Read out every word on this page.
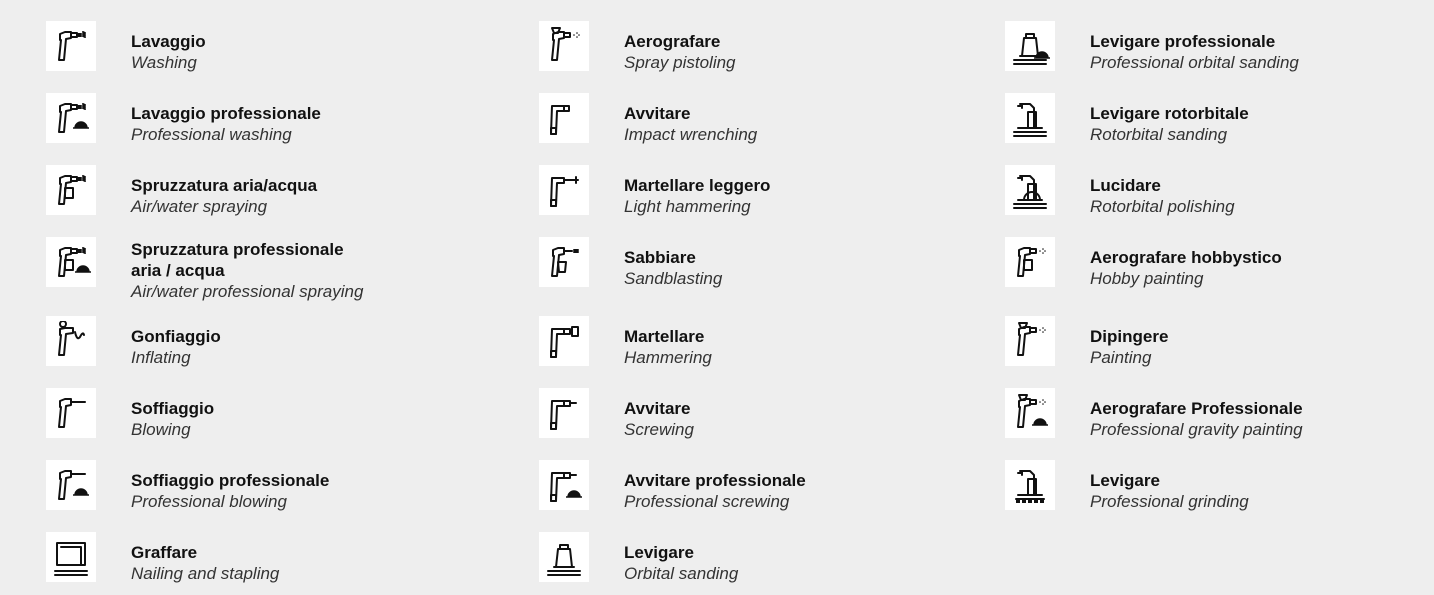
Lavaggio
Washing
Lavaggio professionale
Professional washing
Spruzzatura aria/acqua
Air/water spraying
Spruzzatura professionale
aria / acqua
Air/water professional spraying
Gonfiaggio
Inflating
Soffiaggio
Blowing
Soffiaggio professionale
Professional blowing
Graffare
Nailing and stapling
Aerografare
Spray pistoling
Avvitare
Impact wrenching
Martellare leggero
Light hammering
Sabbiare
Sandblasting
Martellare
Hammering
Avvitare
Screwing
Avvitare professionale
Professional screwing
Levigare
Orbital sanding
Levigare professionale
Professional orbital sanding
Levigare rotorbitale
Rotorbital sanding
Lucidare
Rotorbital polishing
Aerografare hobbystico
Hobby painting
Dipingere
Painting
Aerografare Professionale
Professional gravity painting
Levigare
Professional grinding
